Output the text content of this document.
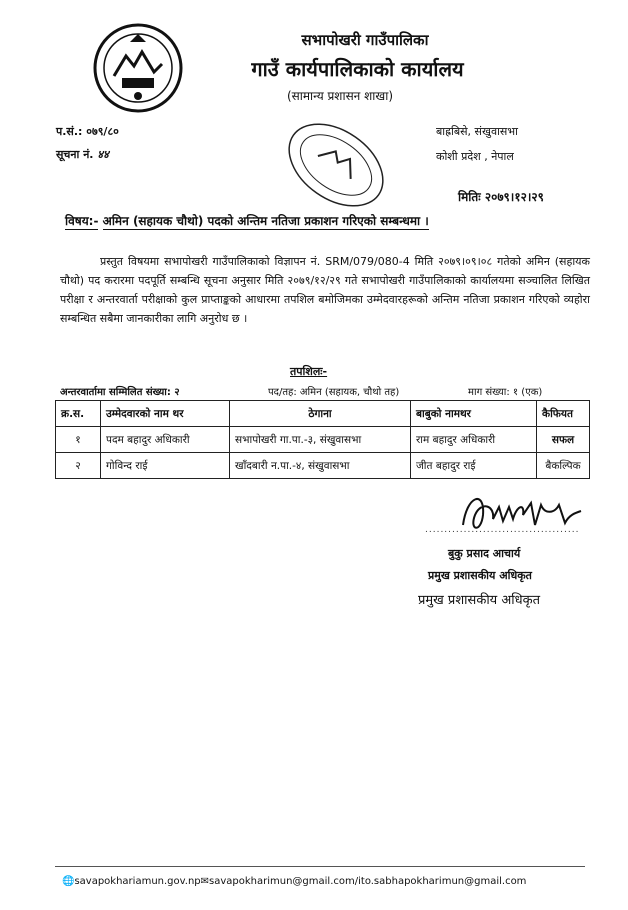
सभापोखरी गाउँपालिका
गाउँ कार्यपालिकाको कार्यालय
(सामान्य प्रशासन शाखा)
प.सं.: ०७९/८०
सूचना नं. ४४
बाह्रबिसे, संखुवासभा
कोशी प्रदेश , नेपाल
मितिः २०७९।१२।२९
विषय:- अमिन (सहायक चौथो) पदको अन्तिम नतिजा प्रकाशन गरिएको सम्बन्धमा ।
प्रस्तुत विषयमा सभापोखरी गाउँपालिकाको विज्ञापन नं. SRM/079/080-4 मिति २०७९।०९।०८ गतेको अमिन (सहायक चौथो) पद करारमा पदपूर्ति सम्बन्धि सूचना अनुसार मिति २०७९/१२/२९ गते सभापोखरी गाउँपालिकाको कार्यालयमा सञ्चालित लिखित परीक्षा र अन्तरवार्ता परीक्षाको कुल प्राप्ताङ्कको आधारमा तपशिल बमोजिमका उम्मेदवारहरूको अन्तिम नतिजा प्रकाशन गरिएको व्यहोरा सम्बन्धित सबैमा जानकारीका लागि अनुरोध छ ।
तपशिलः-
अन्तरवार्तामा सम्मिलित संख्या: २	पद/तह: अमिन (सहायक, चौथो तह)	माग संख्या: १ (एक)
क्र.स.	उम्मेदवारको नाम थर	ठेगाना	बाबुको नामथर	कैफियत
१	पदम बहादुर अधिकारी	सभापोखरी गा.पा.-३, संखुवासभा	राम बहादुर अधिकारी	सफल
२	गोविन्द राई	खाँदबारी न.पा.-४, संखुवासभा	जीत बहादुर राई	बैकल्पिक
........................................
बुकु प्रसाद आचार्य
प्रमुख प्रशासकीय अधिकृत
प्रमुख प्रशासकीय अधिकृत
🌐savapokhariamun.gov.np✉savapokharimun@gmail.com/ito.sabhapokharimun@gmail.com
